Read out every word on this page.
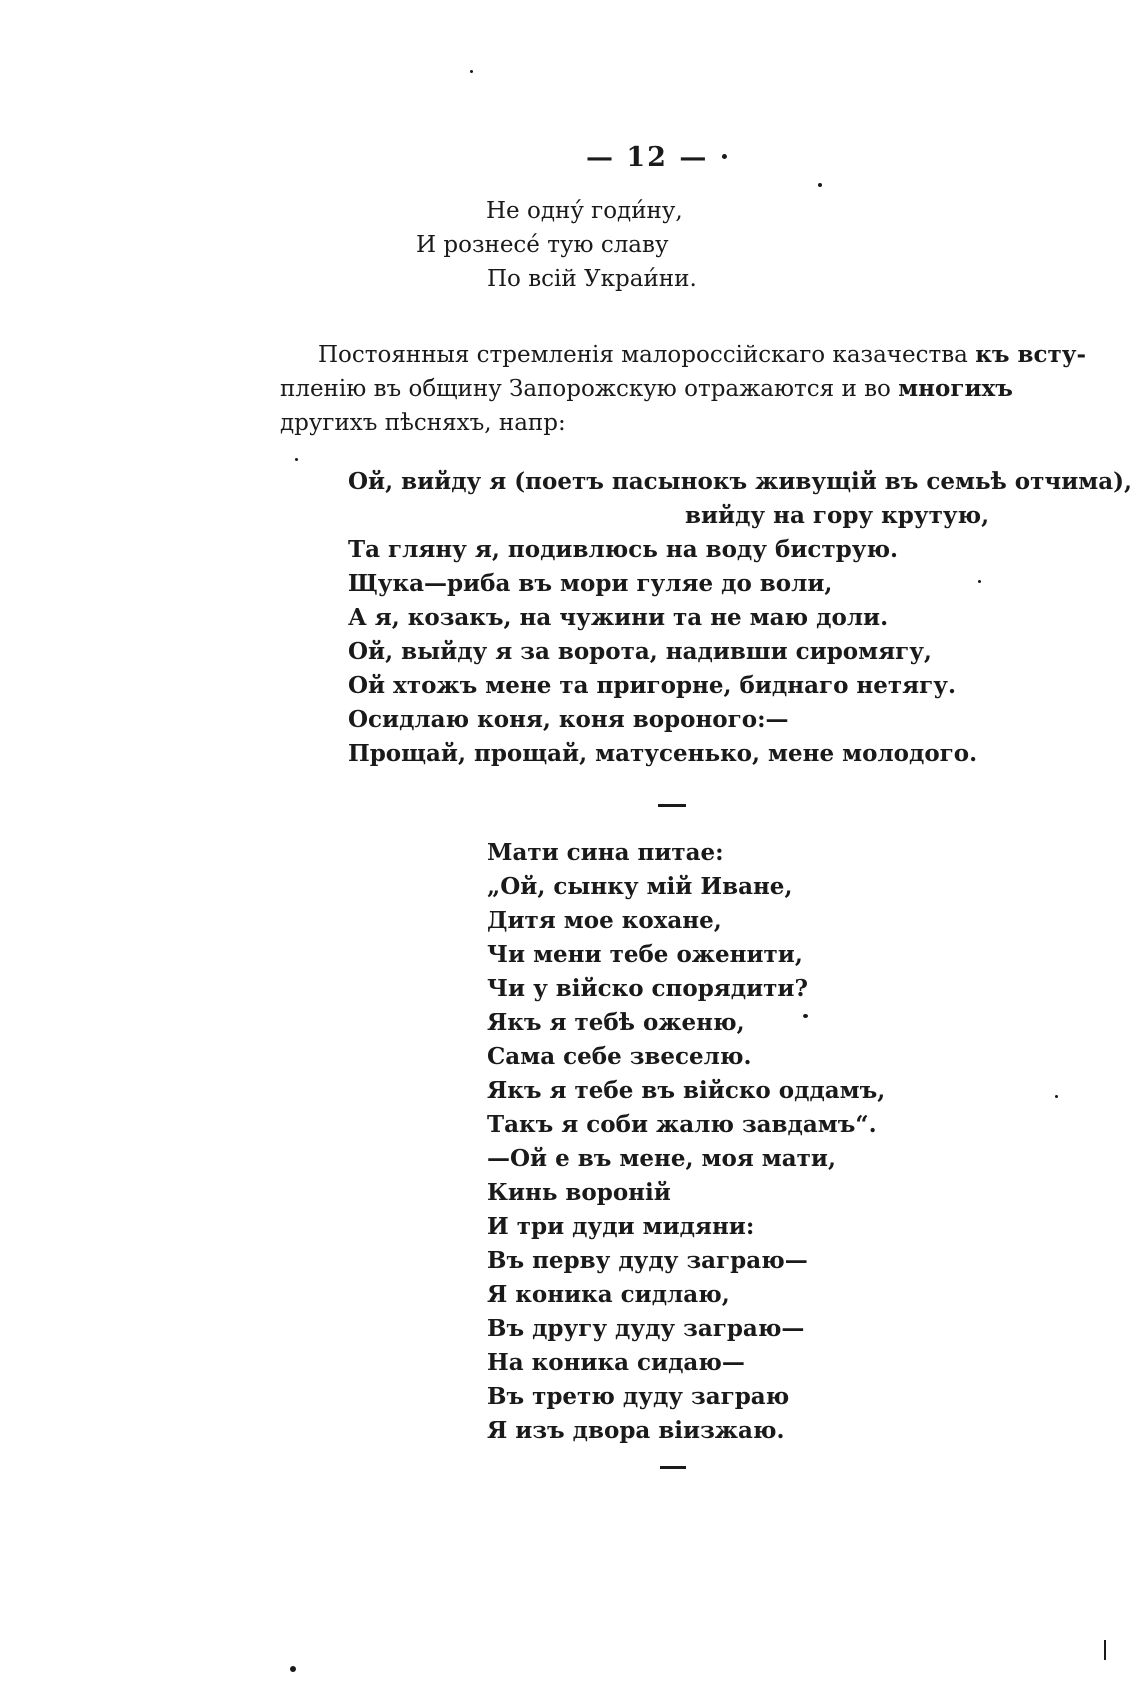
— 12 — ·
Не одну́ годи́ну,
И рознесе́ тую славу
По всій Украи́ни.
Постоянныя стремленія малороссійскаго казачества къ всту-
пленію въ общину Запорожскую отражаются и во многихъ
другихъ пѣсняхъ, напр:
Ой, вийду я (поетъ пасынокъ живущій въ семьѣ отчима),
вийду на гору крутую,
Та гляну я, подивлюсь на воду биструю.
Щука—риба въ мори гуляе до воли,
А я, козакъ, на чужини та не маю доли.
Ой, выйду я за ворота, надивши сиромягу,
Ой хтожъ мене та пригорне, биднаго нетягу.
Осидлаю коня, коня вороного:—
Прощай, прощай, матусенько, мене молодого.
Мати сина питае:
„Ой, сынку мій Иване,
Дитя мое кохане,
Чи мени тебе оженити,
Чи у війско спорядити?
Якъ я тебѣ оженю,
Сама себе звеселю.
Якъ я тебе въ війско оддамъ,
Такъ я соби жалю завдамъ“.
—Ой е въ мене, моя мати,
Кинь вороній
И три дуди мидяни:
Въ перву дуду заграю—
Я коника сидлаю,
Въ другу дуду заграю—
На коника сидаю—
Въ третю дуду заграю
Я изъ двора віизжаю.
